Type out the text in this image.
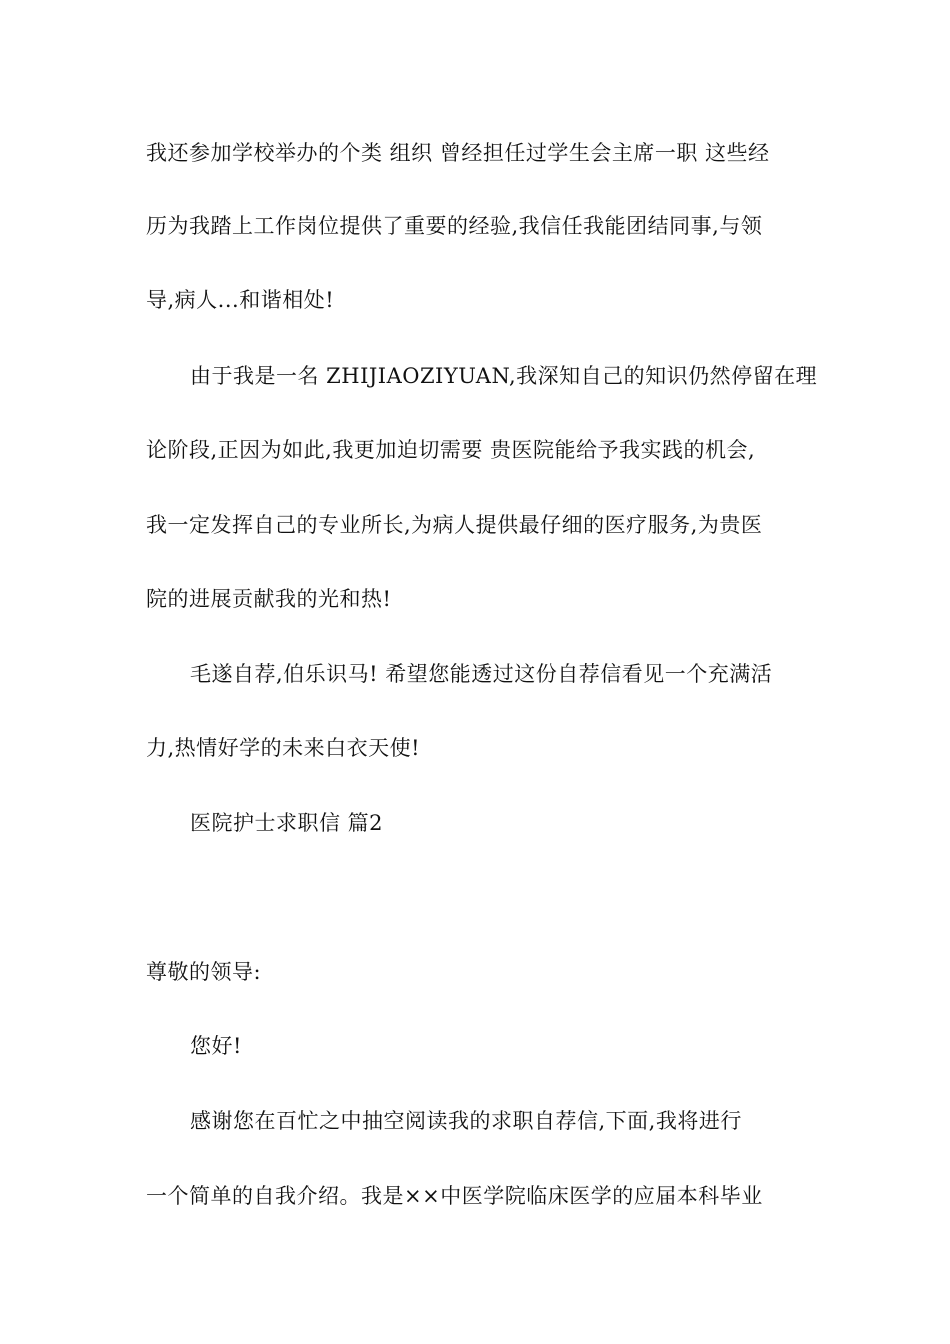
我还参加学校举办的个类 组织 曾经担任过学生会主席一职 这些经
历为我踏上工作岗位提供了重要的经验,我信任我能团结同事,与领
导,病人...和谐相处!
由于我是一名 ZHIJIAOZIYUAN,我深知自己的知识仍然停留在理
论阶段,正因为如此,我更加迫切需要 贵医院能给予我实践的机会,
我一定发挥自己的专业所长,为病人提供最仔细的医疗服务,为贵医
院的进展贡献我的光和热!
毛遂自荐,伯乐识马! 希望您能透过这份自荐信看见一个充满活
力,热情好学的未来白衣天使!
医院护士求职信 篇2
尊敬的领导:
您好!
感谢您在百忙之中抽空阅读我的求职自荐信,下面,我将进行
一个简单的自我介绍。我是××中医学院临床医学的应届本科毕业
